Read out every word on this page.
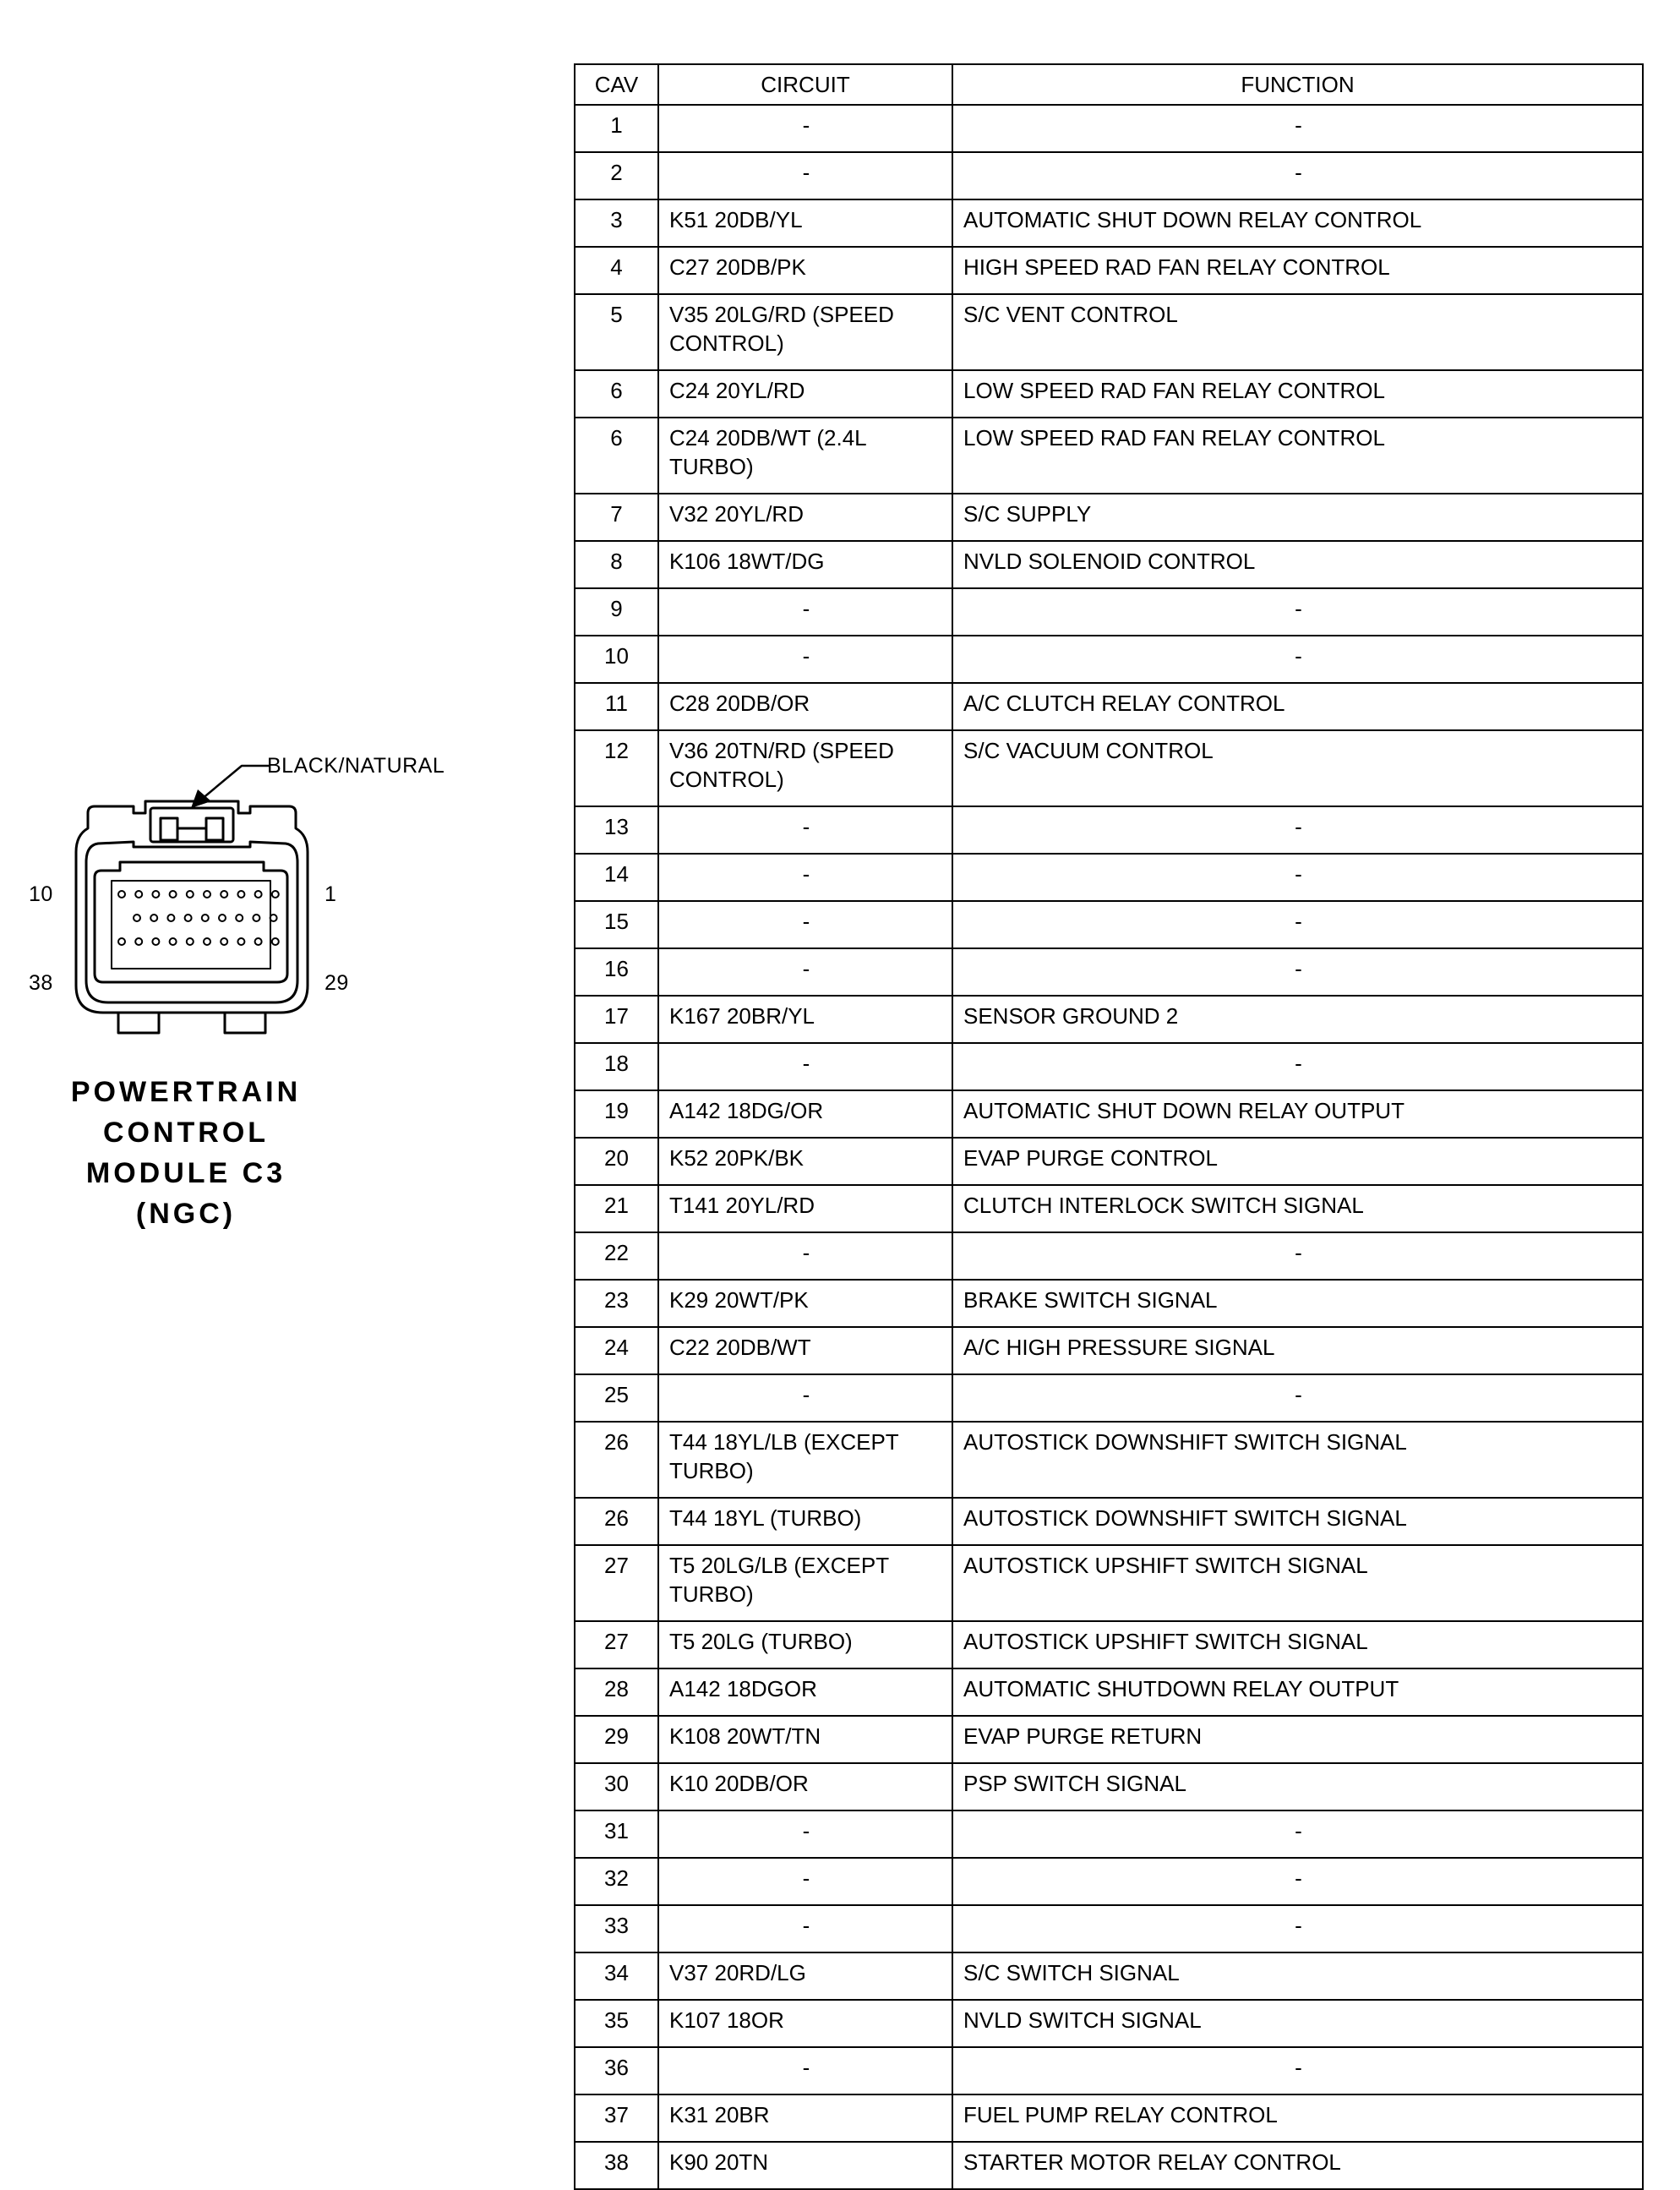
BLACK/NATURAL
10	1
38	29
POWERTRAIN
CONTROL
MODULE C3
(NGC)
CAV	CIRCUIT	FUNCTION
1	-	-
2	-	-
3	K51 20DB/YL	AUTOMATIC SHUT DOWN RELAY CONTROL
4	C27 20DB/PK	HIGH SPEED RAD FAN RELAY CONTROL
5	V35 20LG/RD (SPEED CONTROL)	S/C VENT CONTROL
6	C24 20YL/RD	LOW SPEED RAD FAN RELAY CONTROL
6	C24 20DB/WT (2.4L TURBO)	LOW SPEED RAD FAN RELAY CONTROL
7	V32 20YL/RD	S/C SUPPLY
8	K106 18WT/DG	NVLD SOLENOID CONTROL
9	-	-
10	-	-
11	C28 20DB/OR	A/C CLUTCH RELAY CONTROL
12	V36 20TN/RD (SPEED CONTROL)	S/C VACUUM CONTROL
13	-	-
14	-	-
15	-	-
16	-	-
17	K167 20BR/YL	SENSOR GROUND 2
18	-	-
19	A142 18DG/OR	AUTOMATIC SHUT DOWN RELAY OUTPUT
20	K52 20PK/BK	EVAP PURGE CONTROL
21	T141 20YL/RD	CLUTCH INTERLOCK SWITCH SIGNAL
22	-	-
23	K29 20WT/PK	BRAKE SWITCH SIGNAL
24	C22 20DB/WT	A/C HIGH PRESSURE SIGNAL
25	-	-
26	T44 18YL/LB (EXCEPT TURBO)	AUTOSTICK DOWNSHIFT SWITCH SIGNAL
26	T44 18YL (TURBO)	AUTOSTICK DOWNSHIFT SWITCH SIGNAL
27	T5 20LG/LB (EXCEPT TURBO)	AUTOSTICK UPSHIFT SWITCH SIGNAL
27	T5 20LG (TURBO)	AUTOSTICK UPSHIFT SWITCH SIGNAL
28	A142 18DGOR	AUTOMATIC SHUTDOWN RELAY OUTPUT
29	K108 20WT/TN	EVAP PURGE RETURN
30	K10 20DB/OR	PSP SWITCH SIGNAL
31	-	-
32	-	-
33	-	-
34	V37 20RD/LG	S/C SWITCH SIGNAL
35	K107 18OR	NVLD SWITCH SIGNAL
36	-	-
37	K31 20BR	FUEL PUMP RELAY CONTROL
38	K90 20TN	STARTER MOTOR RELAY CONTROL
